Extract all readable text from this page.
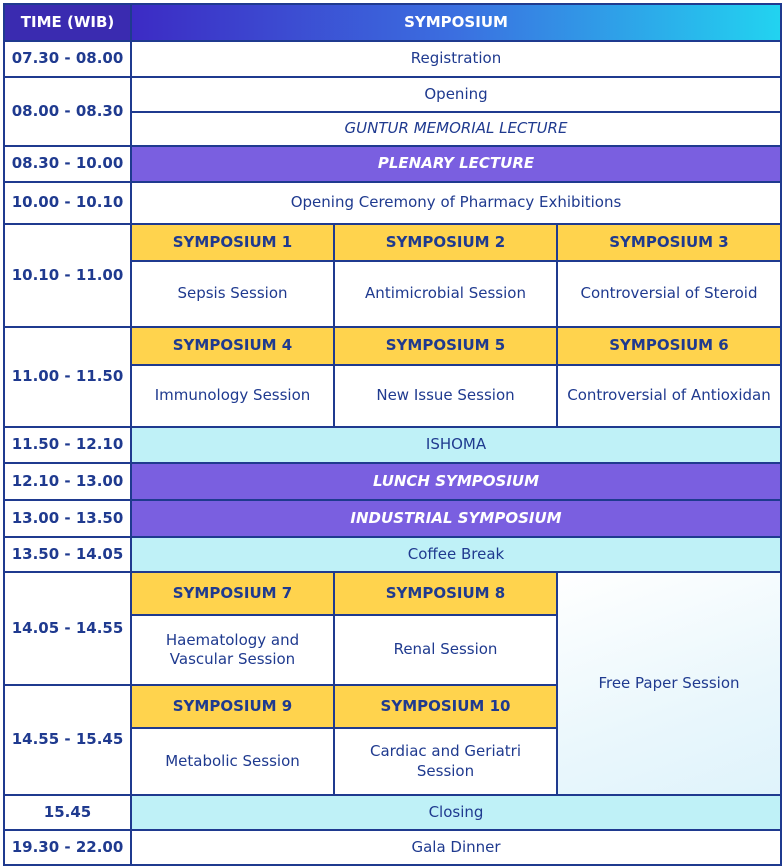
TIME (WIB)	SYMPOSIUM		
07.30 - 08.00	Registration		
08.00 - 08.30	Opening		
	GUNTUR MEMORIAL LECTURE		
08.30 - 10.00	PLENARY LECTURE		
10.00 - 10.10	Opening Ceremony of Pharmacy Exhibitions		
10.10 - 11.00	SYMPOSIUM 1	SYMPOSIUM 2	SYMPOSIUM 3
	Sepsis Session	Antimicrobial Session	Controversial of Steroid
11.00 - 11.50	SYMPOSIUM 4	SYMPOSIUM 5	SYMPOSIUM 6
	Immunology Session	New Issue Session	Controversial of Antioxidan
11.50 - 12.10	ISHOMA		
12.10 - 13.00	LUNCH SYMPOSIUM		
13.00 - 13.50	INDUSTRIAL SYMPOSIUM		
13.50 - 14.05	Coffee Break		
14.05 - 14.55	SYMPOSIUM 7	SYMPOSIUM 8	Free Paper Session
	Haematology and Vascular Session	Renal Session	
14.55 - 15.45	SYMPOSIUM 9	SYMPOSIUM 10	
	Metabolic Session	Cardiac and Geriatri Session	
15.45	Closing		
19.30 - 22.00	Gala Dinner		
